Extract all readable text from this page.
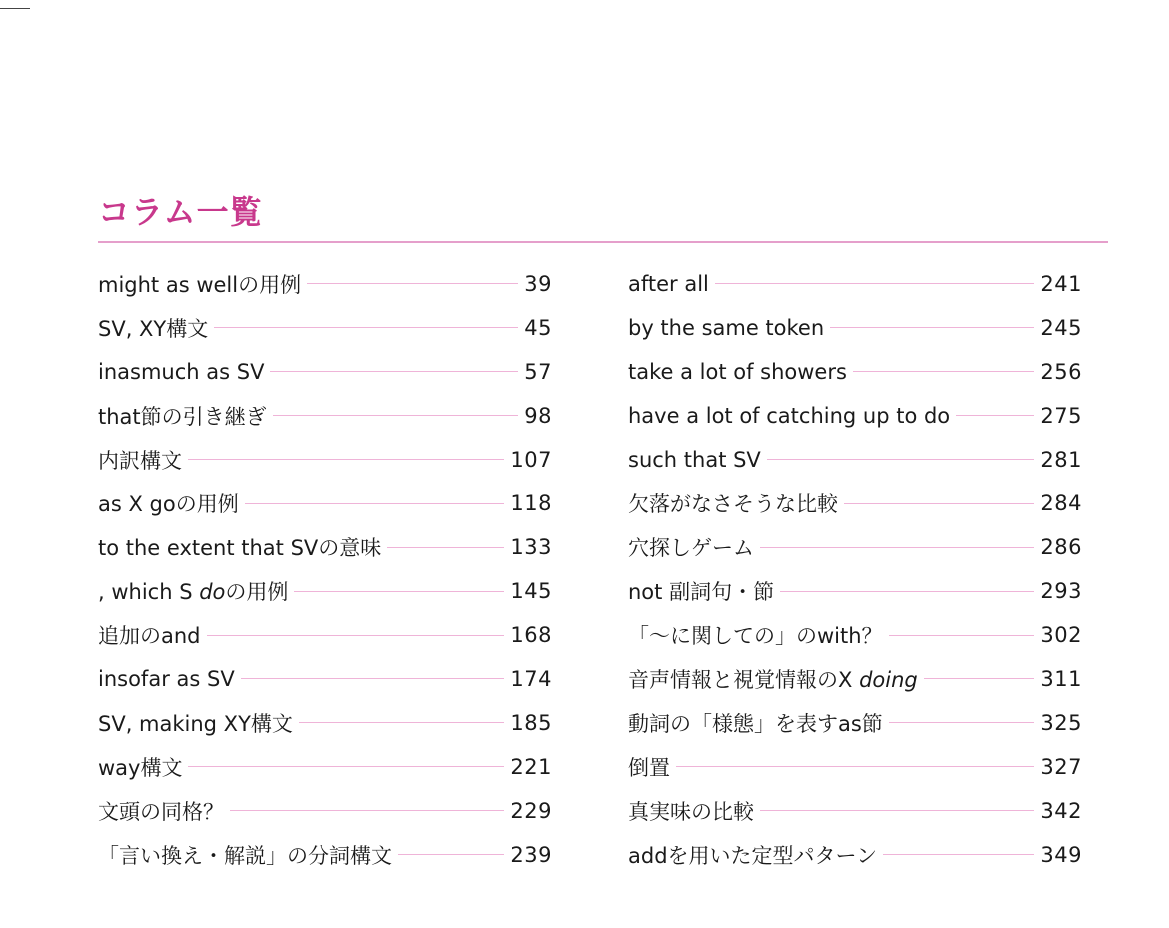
コラム一覧
might as wellの用例	39
SV, XY構文	45
inasmuch as SV	57
that節の引き継ぎ	98
内訳構文	107
as X goの用例	118
to the extent that SVの意味	133
, which S doの用例	145
追加のand	168
insofar as SV	174
SV, making XY構文	185
way構文	221
文頭の同格？	229
「言い換え・解説」の分詞構文	239
after all	241
by the same token	245
take a lot of showers	256
have a lot of catching up to do	275
such that SV	281
欠落がなさそうな比較	284
穴探しゲーム	286
not 副詞句・節	293
「～に関しての」のwith？	302
音声情報と視覚情報のX doing	311
動詞の「様態」を表すas節	325
倒置	327
真実味の比較	342
addを用いた定型パターン	349
